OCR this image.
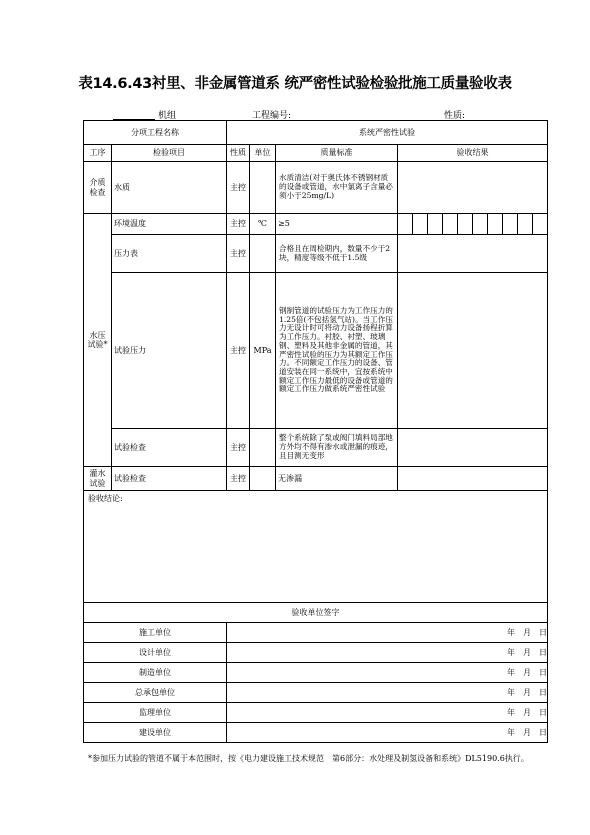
表14.6.43衬里、非金属管道系 统严密性试验检验批施工质量验收表
机组	工程编号:	性质:
分项工程名称		系统严密性试验			
工序	检验项目	性质	单位	质量标准	验收结果
介质检查	水质	主控		水质清洁(对于奥氏体不锈钢材质的设备或管道，水中氯离子含量必须小于25mg/L)	
水压试验*	环境温度	主控	℃	≥5	

	压力表	主控		合格且在周检期内，数量不少于2块，精度等级不低于1.5级	
	试验压力	主控	MPa	钢制管道的试验压力为工作压力的1.25倍(不包括氢气站)。当工作压力无设计时可将动力设备扬程折算为工作压力。衬胶、衬塑、玻璃钢、塑料及其他非金属的管道，其严密性试验的压力为其额定工作压力。不同额定工作压力的设备、管道安装在同一系统中，宜按系统中额定工作压力最低的设备或管道的额定工作压力做系统严密性试验	
	试验检查	主控		整个系统除了泵或阀门填料局部地方外均不得有渗水或泄漏的痕迹，且目测无变形	
灌水试验	试验检查	主控		无渗漏	
验收结论:					
验收单位签字					
施工单位		年　月　日			
设计单位		年　月　日			
制造单位		年　月　日			
总承包单位		年　月　日			
监理单位		年　月　日			
建设单位		年　月　日			
*参加压力试验的管道不属于本范围时，按《电力建设施工技术规范　第6部分：水处理及制氢设备和系统》DL5190.6执行。
